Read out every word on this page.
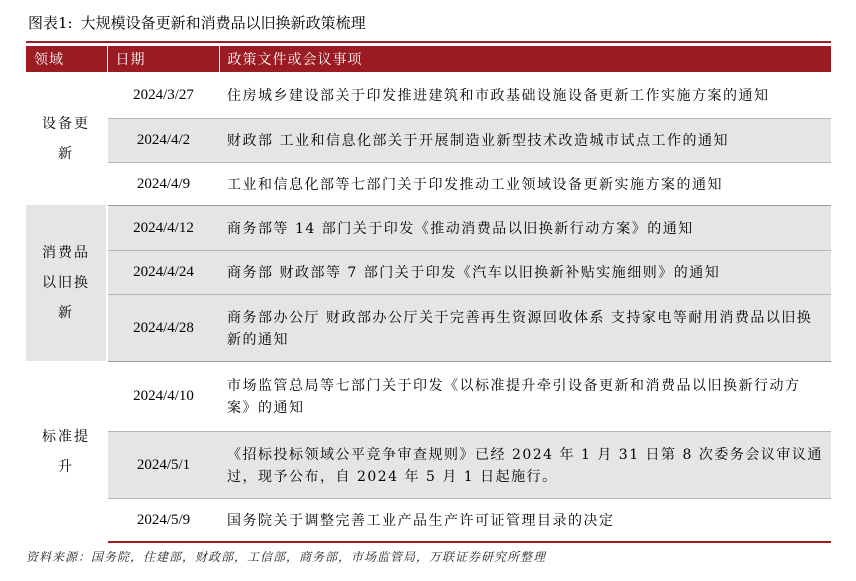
图表1: 大规模设备更新和消费品以旧换新政策梳理
领域	日期	政策文件或会议事项
设备更新	2024/3/27	住房城乡建设部关于印发推进建筑和市政基础设施设备更新工作实施方案的通知
	2024/4/2	财政部 工业和信息化部关于开展制造业新型技术改造城市试点工作的通知
	2024/4/9	工业和信息化部等七部门关于印发推动工业领域设备更新实施方案的通知
消费品以旧换新	2024/4/12	商务部等 14 部门关于印发《推动消费品以旧换新行动方案》的通知
	2024/4/24	商务部 财政部等 7 部门关于印发《汽车以旧换新补贴实施细则》的通知
	2024/4/28	商务部办公厅 财政部办公厅关于完善再生资源回收体系 支持家电等耐用消费品以旧换新的通知
标准提升	2024/4/10	市场监管总局等七部门关于印发《以标准提升牵引设备更新和消费品以旧换新行动方案》的通知
	2024/5/1	《招标投标领域公平竞争审查规则》已经 2024 年 1 月 31 日第 8 次委务会议审议通过，现予公布，自 2024 年 5 月 1 日起施行。
	2024/5/9	国务院关于调整完善工业产品生产许可证管理目录的决定
资料来源：国务院，住建部，财政部，工信部，商务部，市场监管局，万联证券研究所整理
